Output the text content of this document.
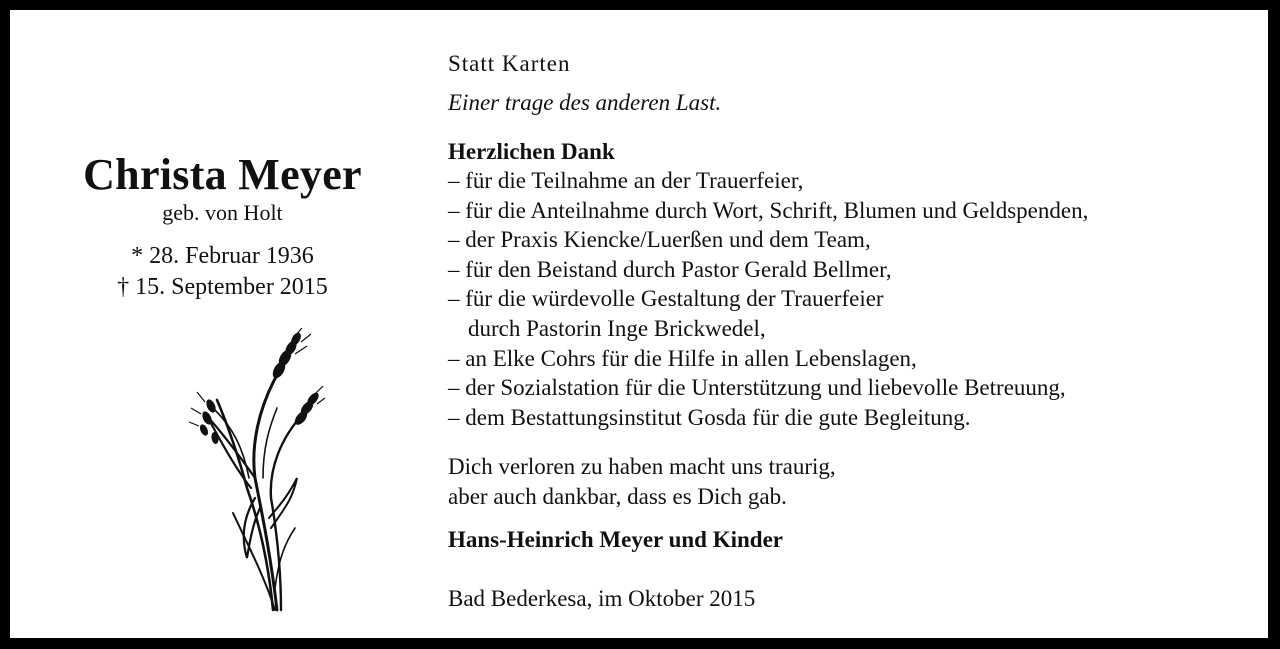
Christa Meyer
geb. von Holt
* 28. Februar 1936
† 15. September 2015
Statt Karten
Einer trage des anderen Last.
Herzlichen Dank
– für die Teilnahme an der Trauerfeier,
– für die Anteilnahme durch Wort, Schrift, Blumen und Geldspenden,
– der Praxis Kiencke/Luerßen und dem Team,
– für den Beistand durch Pastor Gerald Bellmer,
– für die würdevolle Gestaltung der Trauerfeier
durch Pastorin Inge Brickwedel,
– an Elke Cohrs für die Hilfe in allen Lebenslagen,
– der Sozialstation für die Unterstützung und liebevolle Betreuung,
– dem Bestattungsinstitut Gosda für die gute Begleitung.
Dich verloren zu haben macht uns traurig,
aber auch dankbar, dass es Dich gab.
Hans-Heinrich Meyer und Kinder
Bad Bederkesa, im Oktober 2015
